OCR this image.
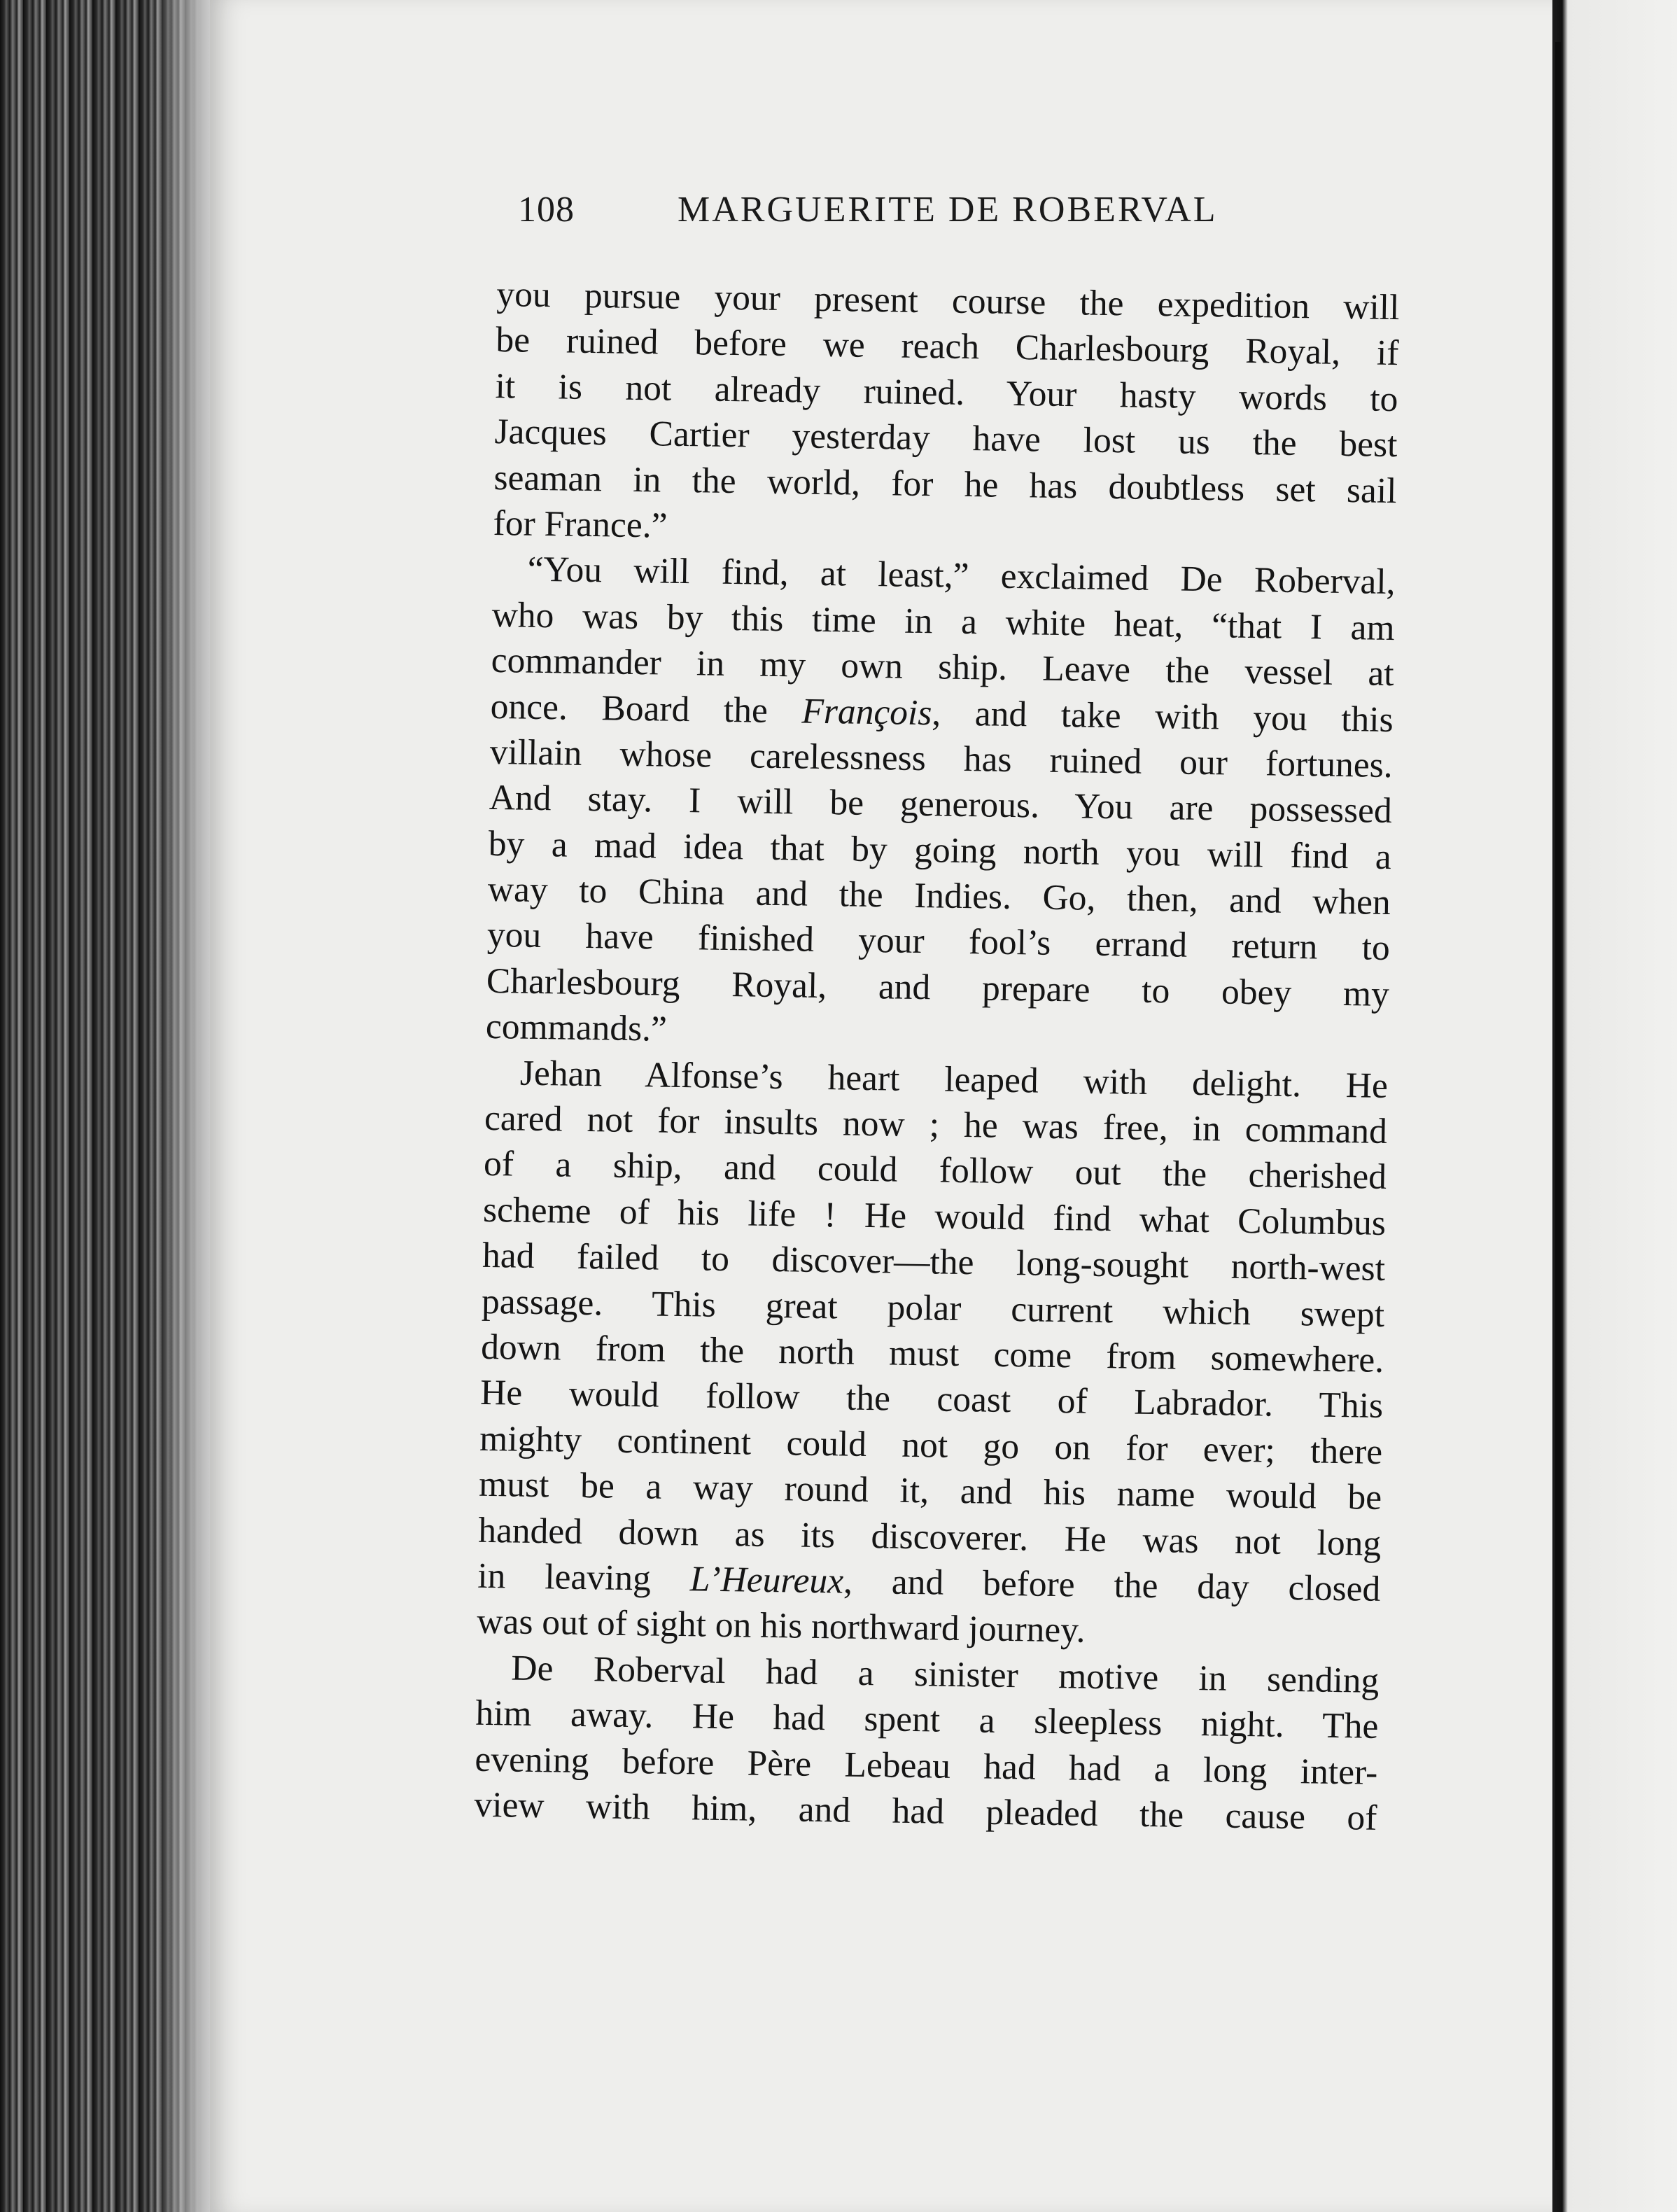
108	MARGUERITE DE ROBERVAL
you pursue your present course the expedition will
be ruined before we reach Charlesbourg Royal, if
it is not already ruined. Your hasty words to
Jacques Cartier yesterday have lost us the best
seaman in the world, for he has doubtless set sail
for France.”
“You will find, at least,” exclaimed De Roberval,
who was by this time in a white heat, “that I am
commander in my own ship. Leave the vessel at
once. Board the François, and take with you this
villain whose carelessness has ruined our fortunes.
And stay. I will be generous. You are possessed
by a mad idea that by going north you will find a
way to China and the Indies. Go, then, and when
you have finished your fool’s errand return to
Charlesbourg Royal, and prepare to obey my
commands.”
Jehan Alfonse’s heart leaped with delight. He
cared not for insults now ; he was free, in command
of a ship, and could follow out the cherished
scheme of his life ! He would find what Columbus
had failed to discover—the long-sought north-west
passage. This great polar current which swept
down from the north must come from somewhere.
He would follow the coast of Labrador. This
mighty continent could not go on for ever; there
must be a way round it, and his name would be
handed down as its discoverer. He was not long
in leaving L’Heureux, and before the day closed
was out of sight on his northward journey.
De Roberval had a sinister motive in sending
him away. He had spent a sleepless night. The
evening before Père Lebeau had had a long inter-
view with him, and had pleaded the cause of
